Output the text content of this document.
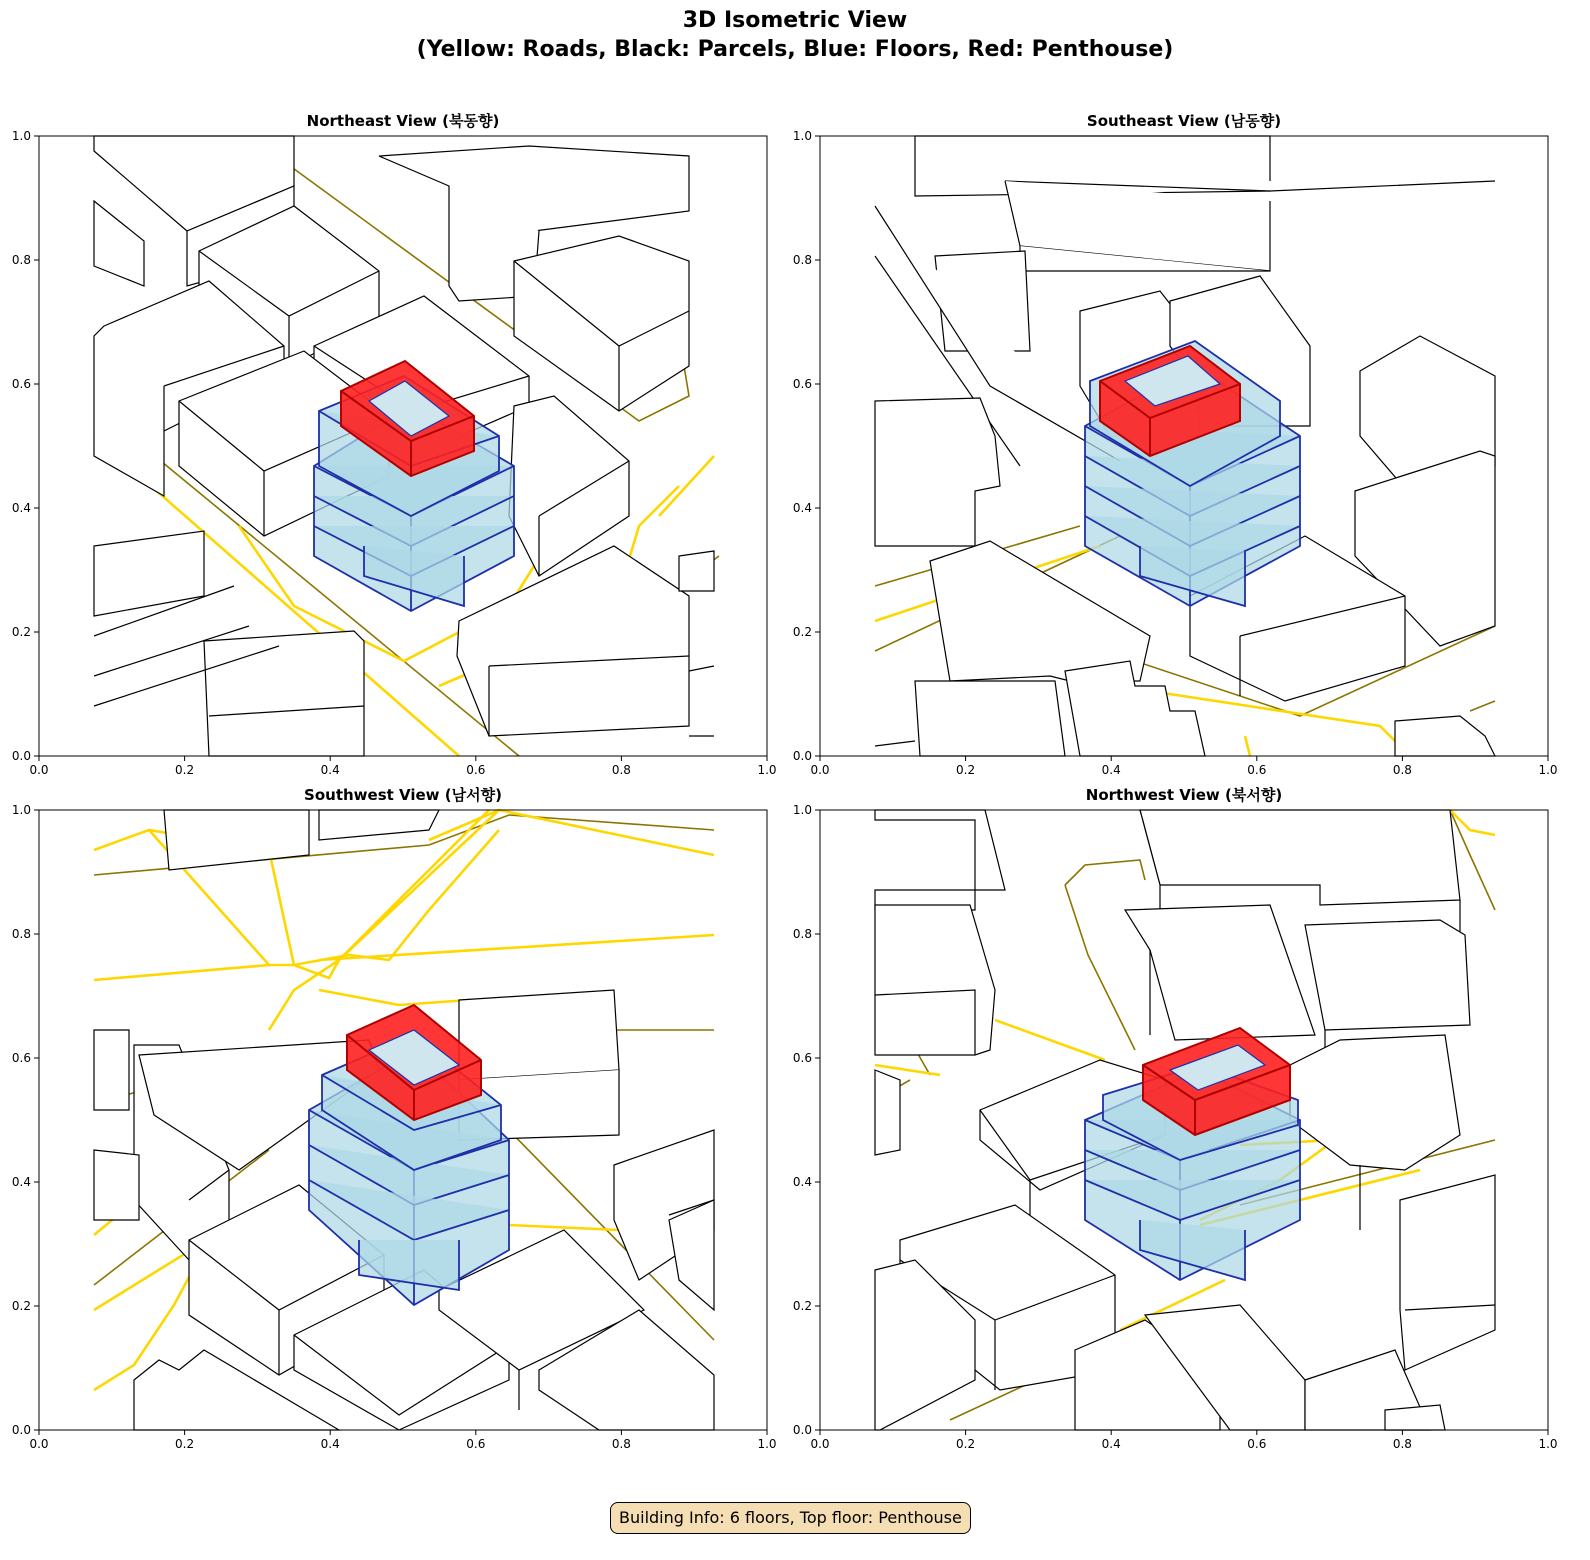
3D Isometric View
(Yellow: Roads, Black: Parcels, Blue: Floors, Red: Penthouse)
Northeast View (북동향)
0.0	0.2	0.4	0.6	0.8	1.0
0.0
0.2
0.4
0.6
0.8
1.0
Southeast View (남동향)
0.0	0.2	0.4	0.6	0.8	1.0
0.0
0.2
0.4
0.6
0.8
1.0
Southwest View (남서향)
0.0	0.2	0.4	0.6	0.8	1.0
0.0
0.2
0.4
0.6
0.8
1.0
Northwest View (북서향)
0.0	0.2	0.4	0.6	0.8	1.0
0.0
0.2
0.4
0.6
0.8
1.0
Building Info: 6 floors, Top floor: Penthouse
